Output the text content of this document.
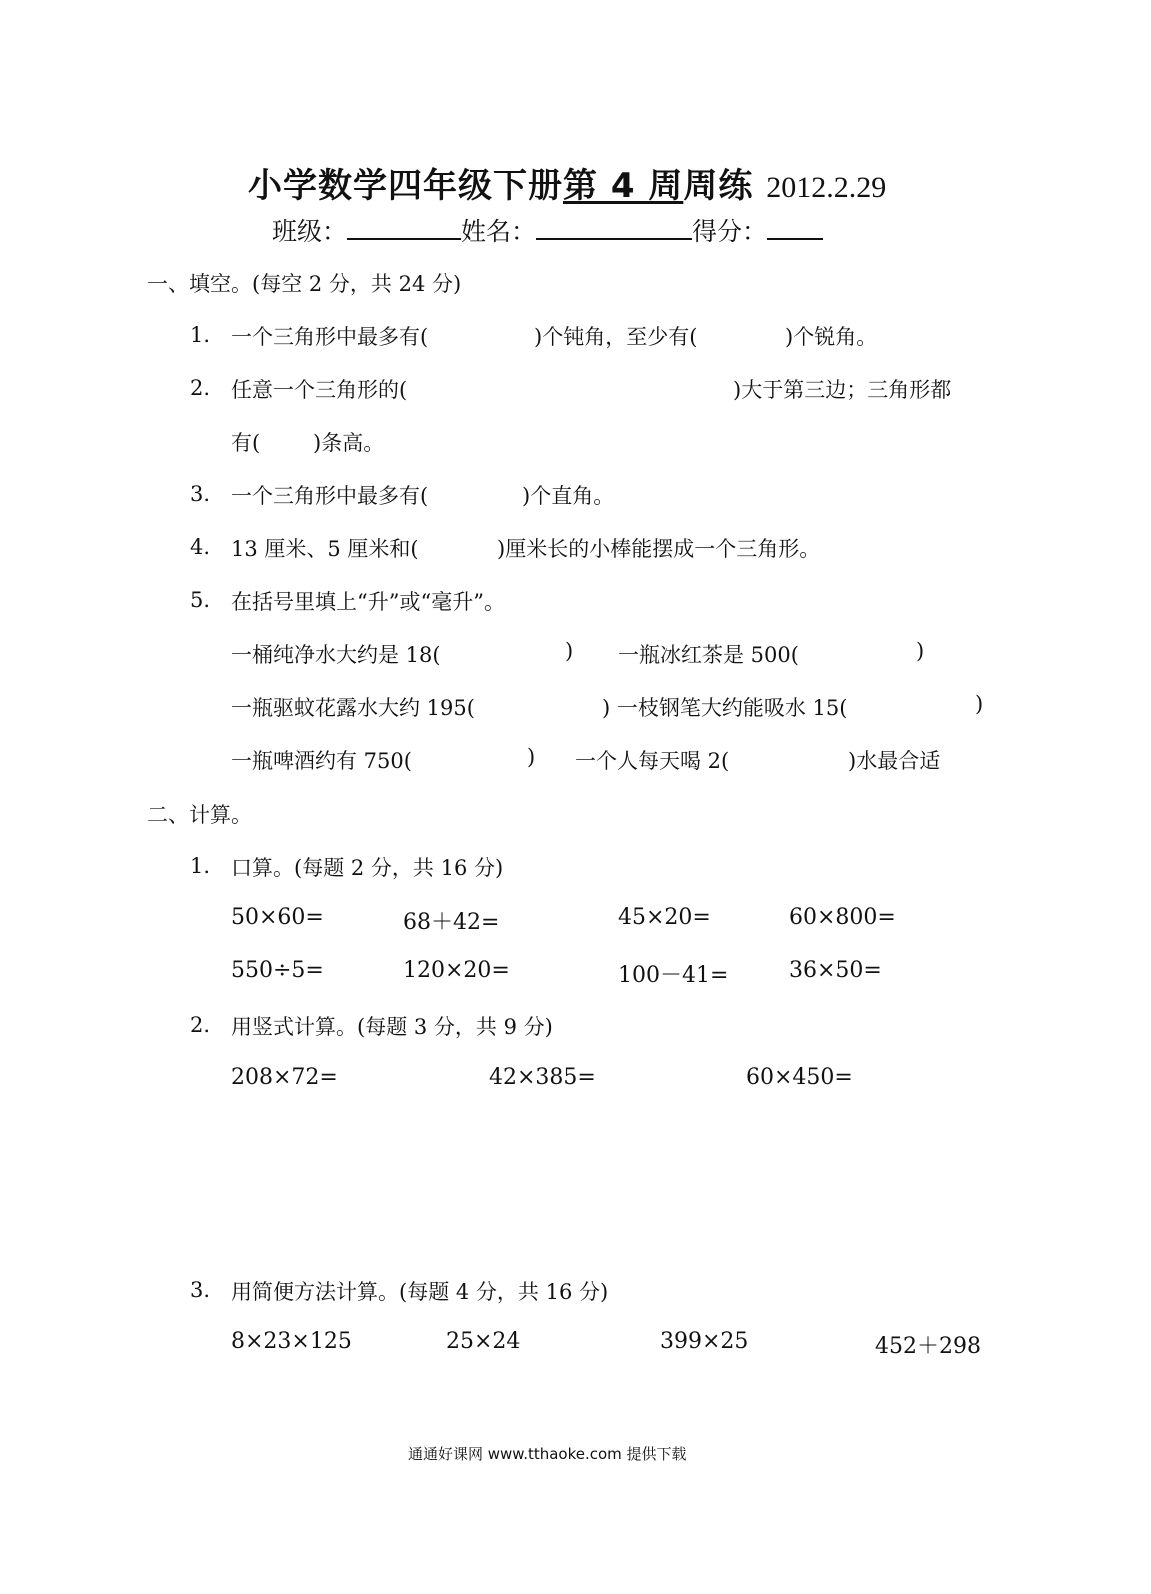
小学数学四年级下册第 4 周周练 2012.2.29
班级：	姓名：	得分：
一、填空。(每空 2 分，共 24 分)
1. 一个三角形中最多有(	)个钝角，至少有(	)个锐角。
2. 任意一个三角形的(	)大于第三边；三角形都
有(	)条高。
3. 一个三角形中最多有(	)个直角。
4. 13 厘米、5 厘米和(	)厘米长的小棒能摆成一个三角形。
5. 在括号里填上“升”或“毫升”。
一桶纯净水大约是 18(	) 一瓶冰红茶是 500(	)
一瓶驱蚊花露水大约 195(	) 一枝钢笔大约能吸水 15(	)
一瓶啤酒约有 750(	) 一个人每天喝 2(	)水最合适
二、计算。
1. 口算。(每题 2 分，共 16 分)
50×60=	68＋42=	45×20=	60×800=
550÷5=	120×20=	100－41=	36×50=
2. 用竖式计算。(每题 3 分，共 9 分)
208×72=	42×385=	60×450=
3. 用简便方法计算。(每题 4 分，共 16 分)
8×23×125	25×24	399×25	452＋298
通通好课网 www.tthaoke.com 提供下载
